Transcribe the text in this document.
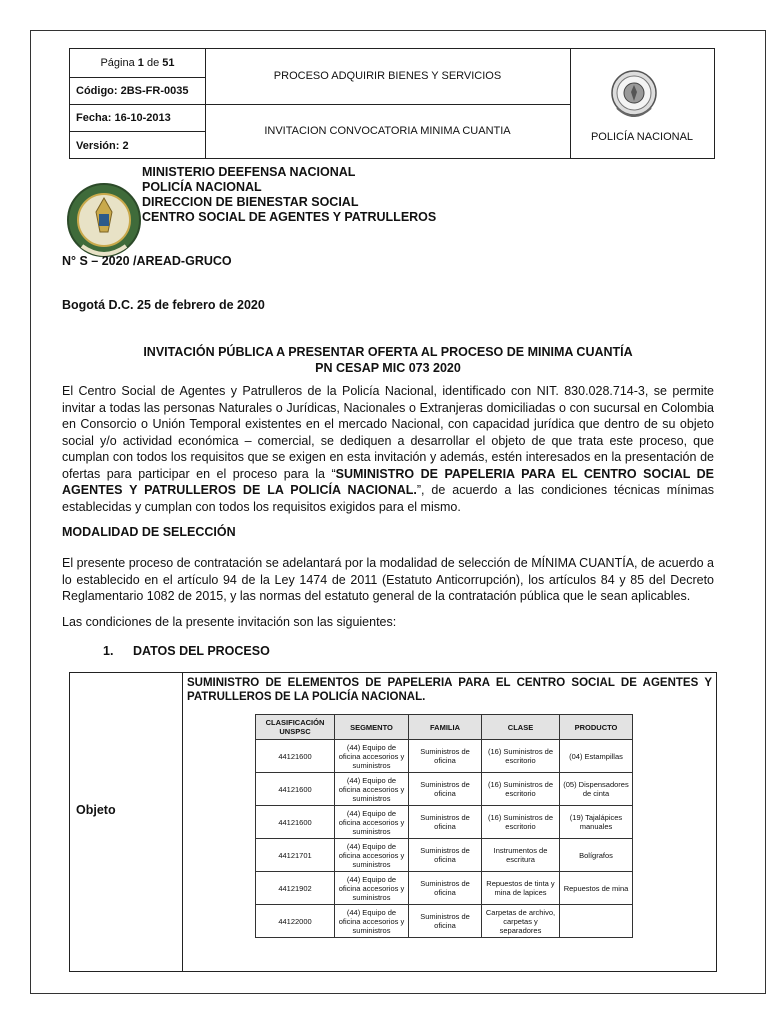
Página 1 de 51
Código: 2BS-FR-0035
Fecha: 16-10-2013
Versión: 2
PROCESO ADQUIRIR BIENES Y SERVICIOS
INVITACION CONVOCATORIA MINIMA CUANTIA	POLICÍA NACIONAL
MINISTERIO DEEFENSA NACIONAL
POLICÍA NACIONAL
DIRECCION DE BIENESTAR SOCIAL
CENTRO SOCIAL DE AGENTES Y PATRULLEROS
N° S – 2020 /AREAD-GRUCO
Bogotá D.C. 25 de febrero de 2020
INVITACIÓN PÚBLICA A PRESENTAR OFERTA AL PROCESO DE MINIMA CUANTÍA
PN CESAP MIC 073 2020
El Centro Social de Agentes y Patrulleros de la Policía Nacional, identificado con NIT. 830.028.714-3, se permite invitar a todas las personas Naturales o Jurídicas, Nacionales o Extranjeras domiciliadas o con sucursal en Colombia en Consorcio o Unión Temporal existentes en el mercado Nacional, con capacidad jurídica que dentro de su objeto social y/o actividad económica – comercial, se dediquen a desarrollar el objeto de que trata este proceso, que cumplan con todos los requisitos que se exigen en esta invitación y además, estén interesados en la presentación de ofertas para participar en el proceso para la “SUMINISTRO DE PAPELERIA PARA EL CENTRO SOCIAL DE AGENTES Y PATRULLEROS DE LA POLICÍA NACIONAL.”, de acuerdo a las condiciones técnicas mínimas establecidas y cumplan con todos los requisitos exigidos para el mismo.
MODALIDAD DE SELECCIÓN
El presente proceso de contratación se adelantará por la modalidad de selección de MÍNIMA CUANTÍA, de acuerdo a lo establecido en el artículo 94 de la Ley 1474 de 2011 (Estatuto Anticorrupción), los artículos 84 y 85 del Decreto Reglamentario 1082 de 2015, y las normas del estatuto general de la contratación pública que le sean aplicables.
Las condiciones de la presente invitación son las siguientes:
1. DATOS DEL PROCESO
Objeto
SUMINISTRO DE ELEMENTOS DE PAPELERIA PARA EL CENTRO SOCIAL DE AGENTES Y PATRULLEROS DE LA POLICÍA NACIONAL.
CLASIFICACIÓN UNSPSC	SEGMENTO	FAMILIA	CLASE	PRODUCTO
44121600	(44) Equipo de oficina accesorios y suministros	Suministros de oficina	(16) Suministros de escritorio	(04) Estampillas
44121600	(44) Equipo de oficina accesorios y suministros	Suministros de oficina	(16) Suministros de escritorio	(05) Dispensadores de cinta
44121600	(44) Equipo de oficina accesorios y suministros	Suministros de oficina	(16) Suministros de escritorio	(19) Tajalápices manuales
44121701	(44) Equipo de oficina accesorios y suministros	Suministros de oficina	Instrumentos de escritura	Bolígrafos
44121902	(44) Equipo de oficina accesorios y suministros	Suministros de oficina	Repuestos de tinta y mina de lapices	Repuestos de mina
44122000	(44) Equipo de oficina accesorios y suministros	Suministros de oficina	Carpetas de archivo, carpetas y separadores	
